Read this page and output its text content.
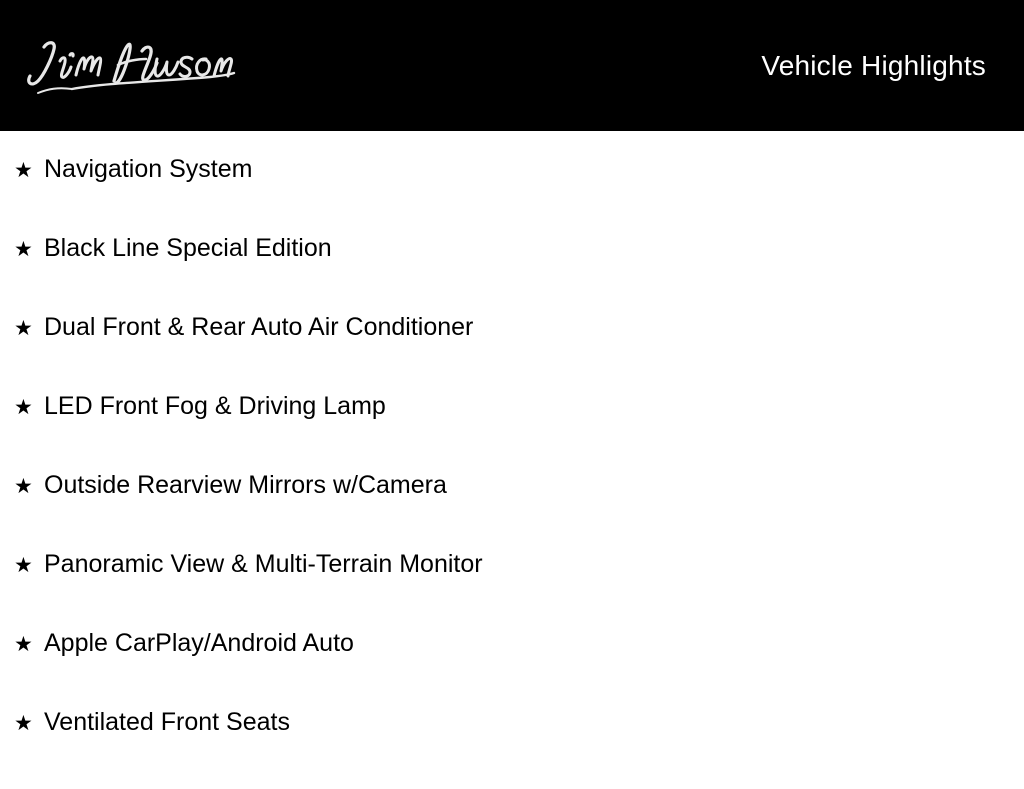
Vehicle Highlights
★ Navigation System
★ Black Line Special Edition
★ Dual Front & Rear Auto Air Conditioner
★ LED Front Fog & Driving Lamp
★ Outside Rearview Mirrors w/Camera
★ Panoramic View & Multi-Terrain Monitor
★ Apple CarPlay/Android Auto
★ Ventilated Front Seats
